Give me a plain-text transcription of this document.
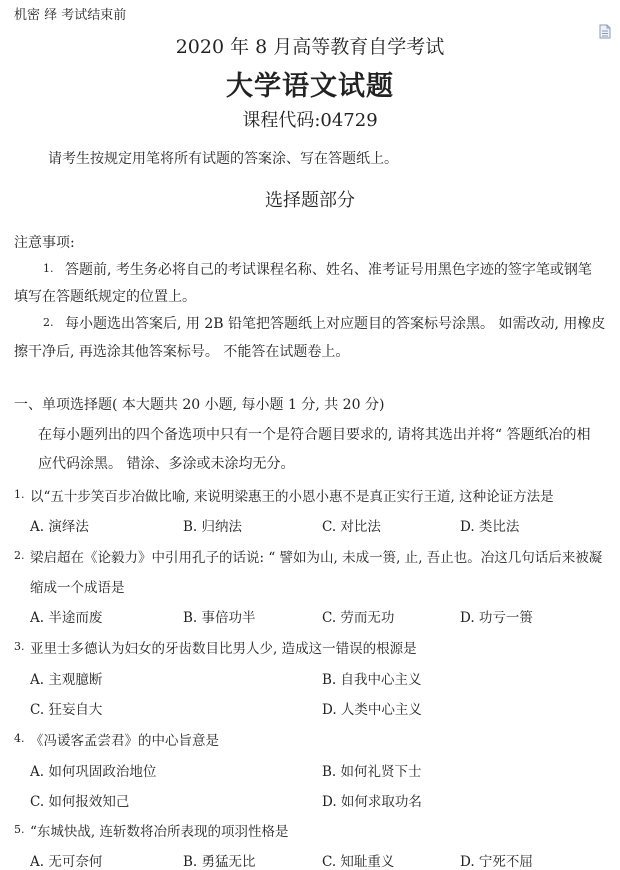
机密 绎 考试结束前
2020 年 8 月高等教育自学考试
大学语文试题
课程代码:04729
请考生按规定用笔将所有试题的答案涂、写在答题纸上。
选择题部分
注意事项:
1. 答题前, 考生务必将自己的考试课程名称、姓名、准考证号用黑色字迹的签字笔或钢笔
填写在答题纸规定的位置上。
2. 每小题选出答案后, 用 2B 铅笔把答题纸上对应题目的答案标号涂黑。 如需改动, 用橡皮
擦干净后, 再选涂其他答案标号。 不能答在试题卷上。
一、单项选择题( 本大题共 20 小题, 每小题 1 分, 共 20 分)
在每小题列出的四个备选项中只有一个是符合题目要求的, 请将其选出并将“ 答题纸冶的相
应代码涂黑。 错涂、多涂或未涂均无分。
1. 以“五十步笑百步冶做比喻, 来说明梁惠王的小恩小惠不是真正实行王道, 这种论证方法是
A. 演绎法	B. 归纳法	C. 对比法	D. 类比法
2. 梁启超在《论毅力》中引用孔子的话说: “ 譬如为山, 未成一篑, 止, 吾止也。冶这几句话后来被凝
缩成一个成语是
A. 半途而废	B. 事倍功半	C. 劳而无功	D. 功亏一篑
3. 亚里士多德认为妇女的牙齿数目比男人少, 造成这一错误的根源是
A. 主观臆断	B. 自我中心主义
C. 狂妄自大	D. 人类中心主义
4. 《冯谖客孟尝君》的中心旨意是
A. 如何巩固政治地位	B. 如何礼贤下士
C. 如何报效知己	D. 如何求取功名
5. “东城快战, 连斩数将冶所表现的项羽性格是
A. 无可奈何	B. 勇猛无比	C. 知耻重义	D. 宁死不屈
